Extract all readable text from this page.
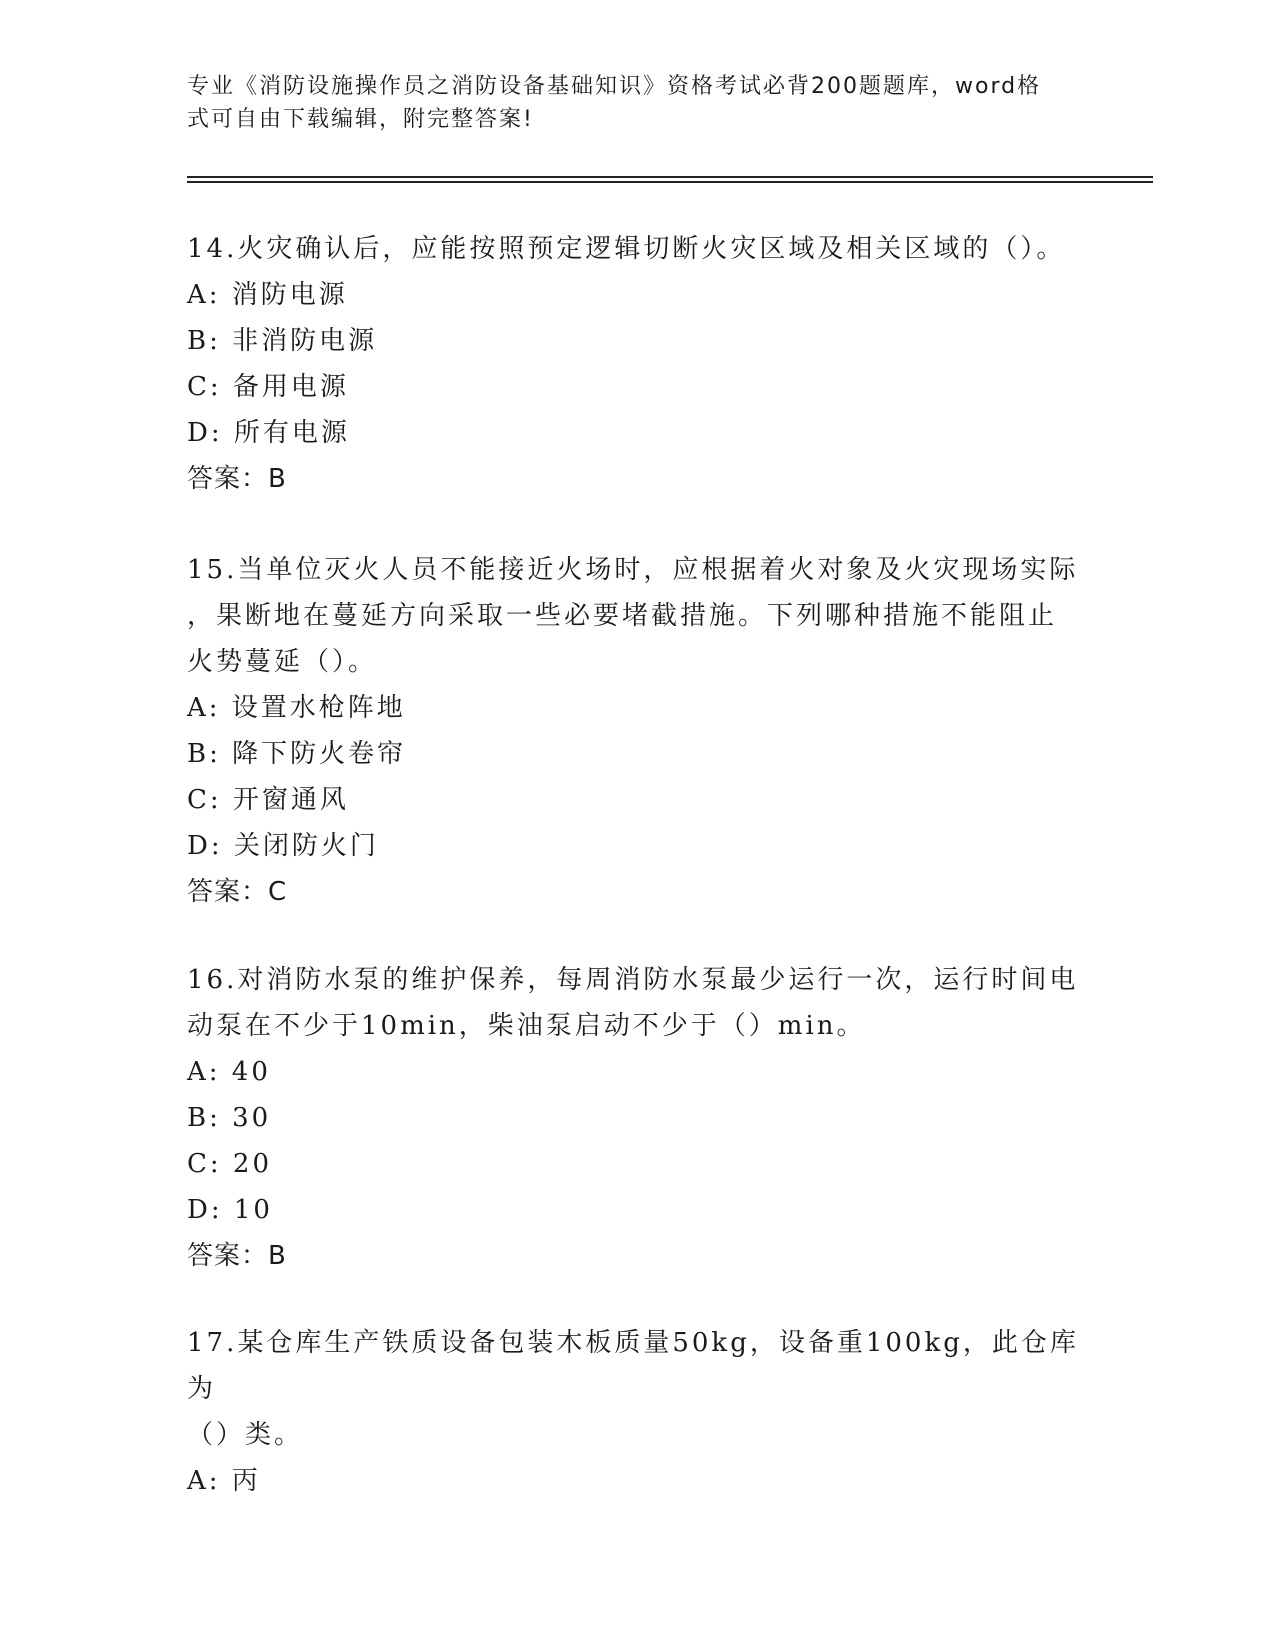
专业《消防设施操作员之消防设备基础知识》资格考试必背200题题库，word格
式可自由下载编辑，附完整答案!

14.火灾确认后，应能按照预定逻辑切断火灾区域及相关区域的（）。

A: 消防电源

B: 非消防电源

C: 备用电源

D: 所有电源

答案：B

15.当单位灭火人员不能接近火场时，应根据着火对象及火灾现场实际

，果断地在蔓延方向采取一些必要堵截措施。下列哪种措施不能阻止

火势蔓延（）。

A: 设置水枪阵地

B: 降下防火卷帘

C: 开窗通风

D: 关闭防火门

答案：C

16.对消防水泵的维护保养，每周消防水泵最少运行一次，运行时间电

动泵在不少于10min，柴油泵启动不少于（）min。

A: 40

B: 30

C: 20

D: 10

答案：B

17.某仓库生产铁质设备包装木板质量50kg，设备重100kg，此仓库为

（）类。

A: 丙
